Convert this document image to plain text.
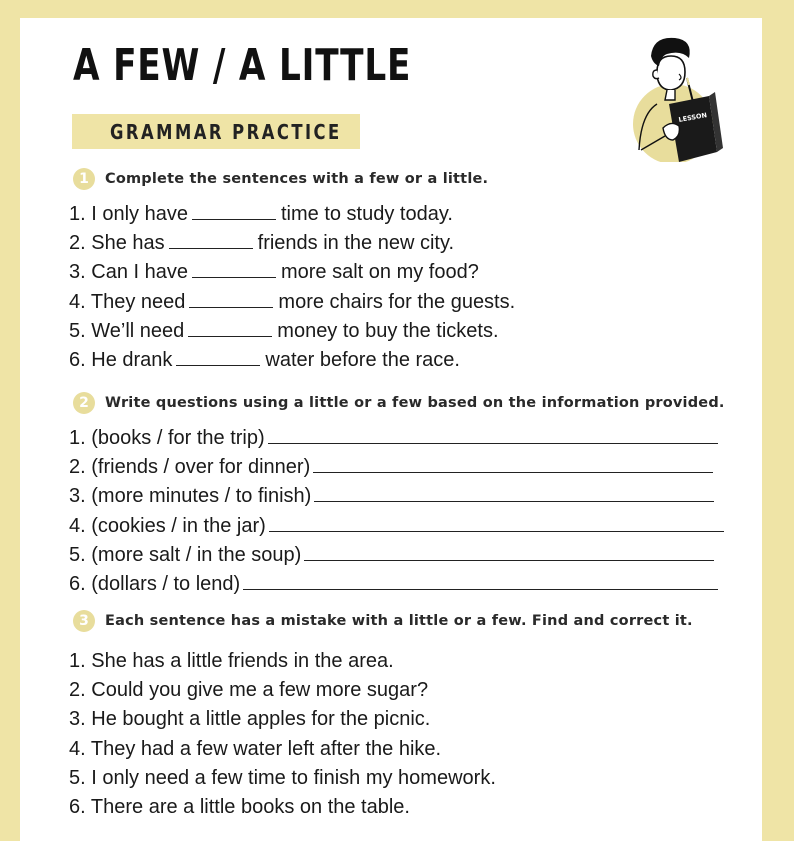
A FEW / A LITTLE
GRAMMAR PRACTICE
LESSON
1	Complete the sentences with a few or a little.
1. I only have	time to study today.
2. She has	friends in the new city.
3. Can I have	more salt on my food?
4. They need	more chairs for the guests.
5. We’ll need	money to buy the tickets.
6. He drank	water before the race.
2	Write questions using a little or a few based on the information provided.
1. (books / for the trip)
2. (friends / over for dinner)
3. (more minutes / to finish)
4. (cookies / in the jar)
5. (more salt / in the soup)
6. (dollars / to lend)
3	Each sentence has a mistake with a little or a few. Find and correct it.
1. She has a little friends in the area.
2. Could you give me a few more sugar?
3. He bought a little apples for the picnic.
4. They had a few water left after the hike.
5. I only need a few time to finish my homework.
6. There are a little books on the table.
